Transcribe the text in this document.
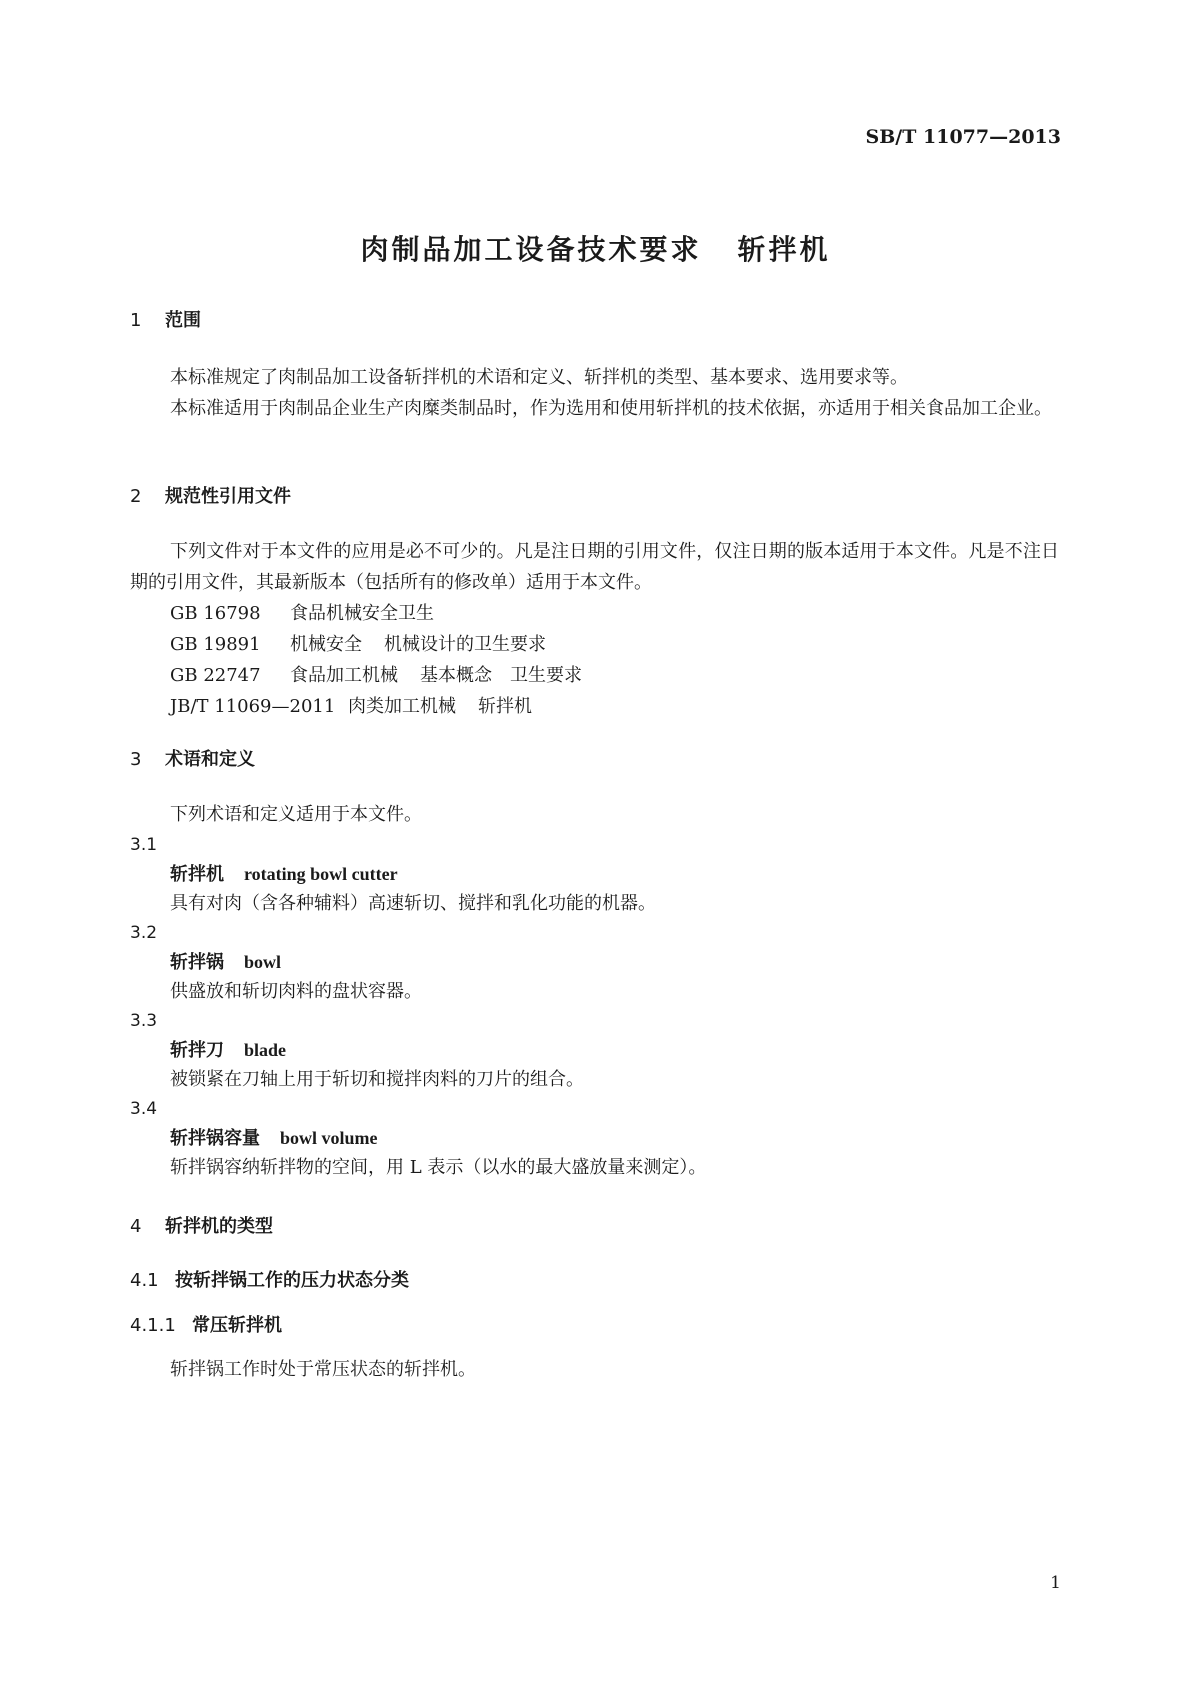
SB/T 11077—2013
肉制品加工设备技术要求 斩拌机
1 范围

本标准规定了肉制品加工设备斩拌机的术语和定义、斩拌机的类型、基本要求、选用要求等。

本标准适用于肉制品企业生产肉糜类制品时，作为选用和使用斩拌机的技术依据，亦适用于相关食品加工企业。

2 规范性引用文件

下列文件对于本文件的应用是必不可少的。凡是注日期的引用文件，仅注日期的版本适用于本文件。凡是不注日期的引用文件，其最新版本（包括所有的修改单）适用于本文件。

GB 16798 食品机械安全卫生
GB 19891 机械安全 机械设计的卫生要求
GB 22747 食品加工机械 基本概念　卫生要求
JB/T 11069—2011 肉类加工机械 斩拌机
3 术语和定义

下列术语和定义适用于本文件。

3.1
斩拌机 rotating bowl cutter
具有对肉（含各种辅料）高速斩切、搅拌和乳化功能的机器。
3.2
斩拌锅 bowl
供盛放和斩切肉料的盘状容器。
3.3
斩拌刀 blade
被锁紧在刀轴上用于斩切和搅拌肉料的刀片的组合。
3.4
斩拌锅容量 bowl volume
斩拌锅容纳斩拌物的空间，用 L 表示（以水的最大盛放量来测定）。
4 斩拌机的类型
4.1 按斩拌锅工作的压力状态分类
4.1.1 常压斩拌机

斩拌锅工作时处于常压状态的斩拌机。

1
